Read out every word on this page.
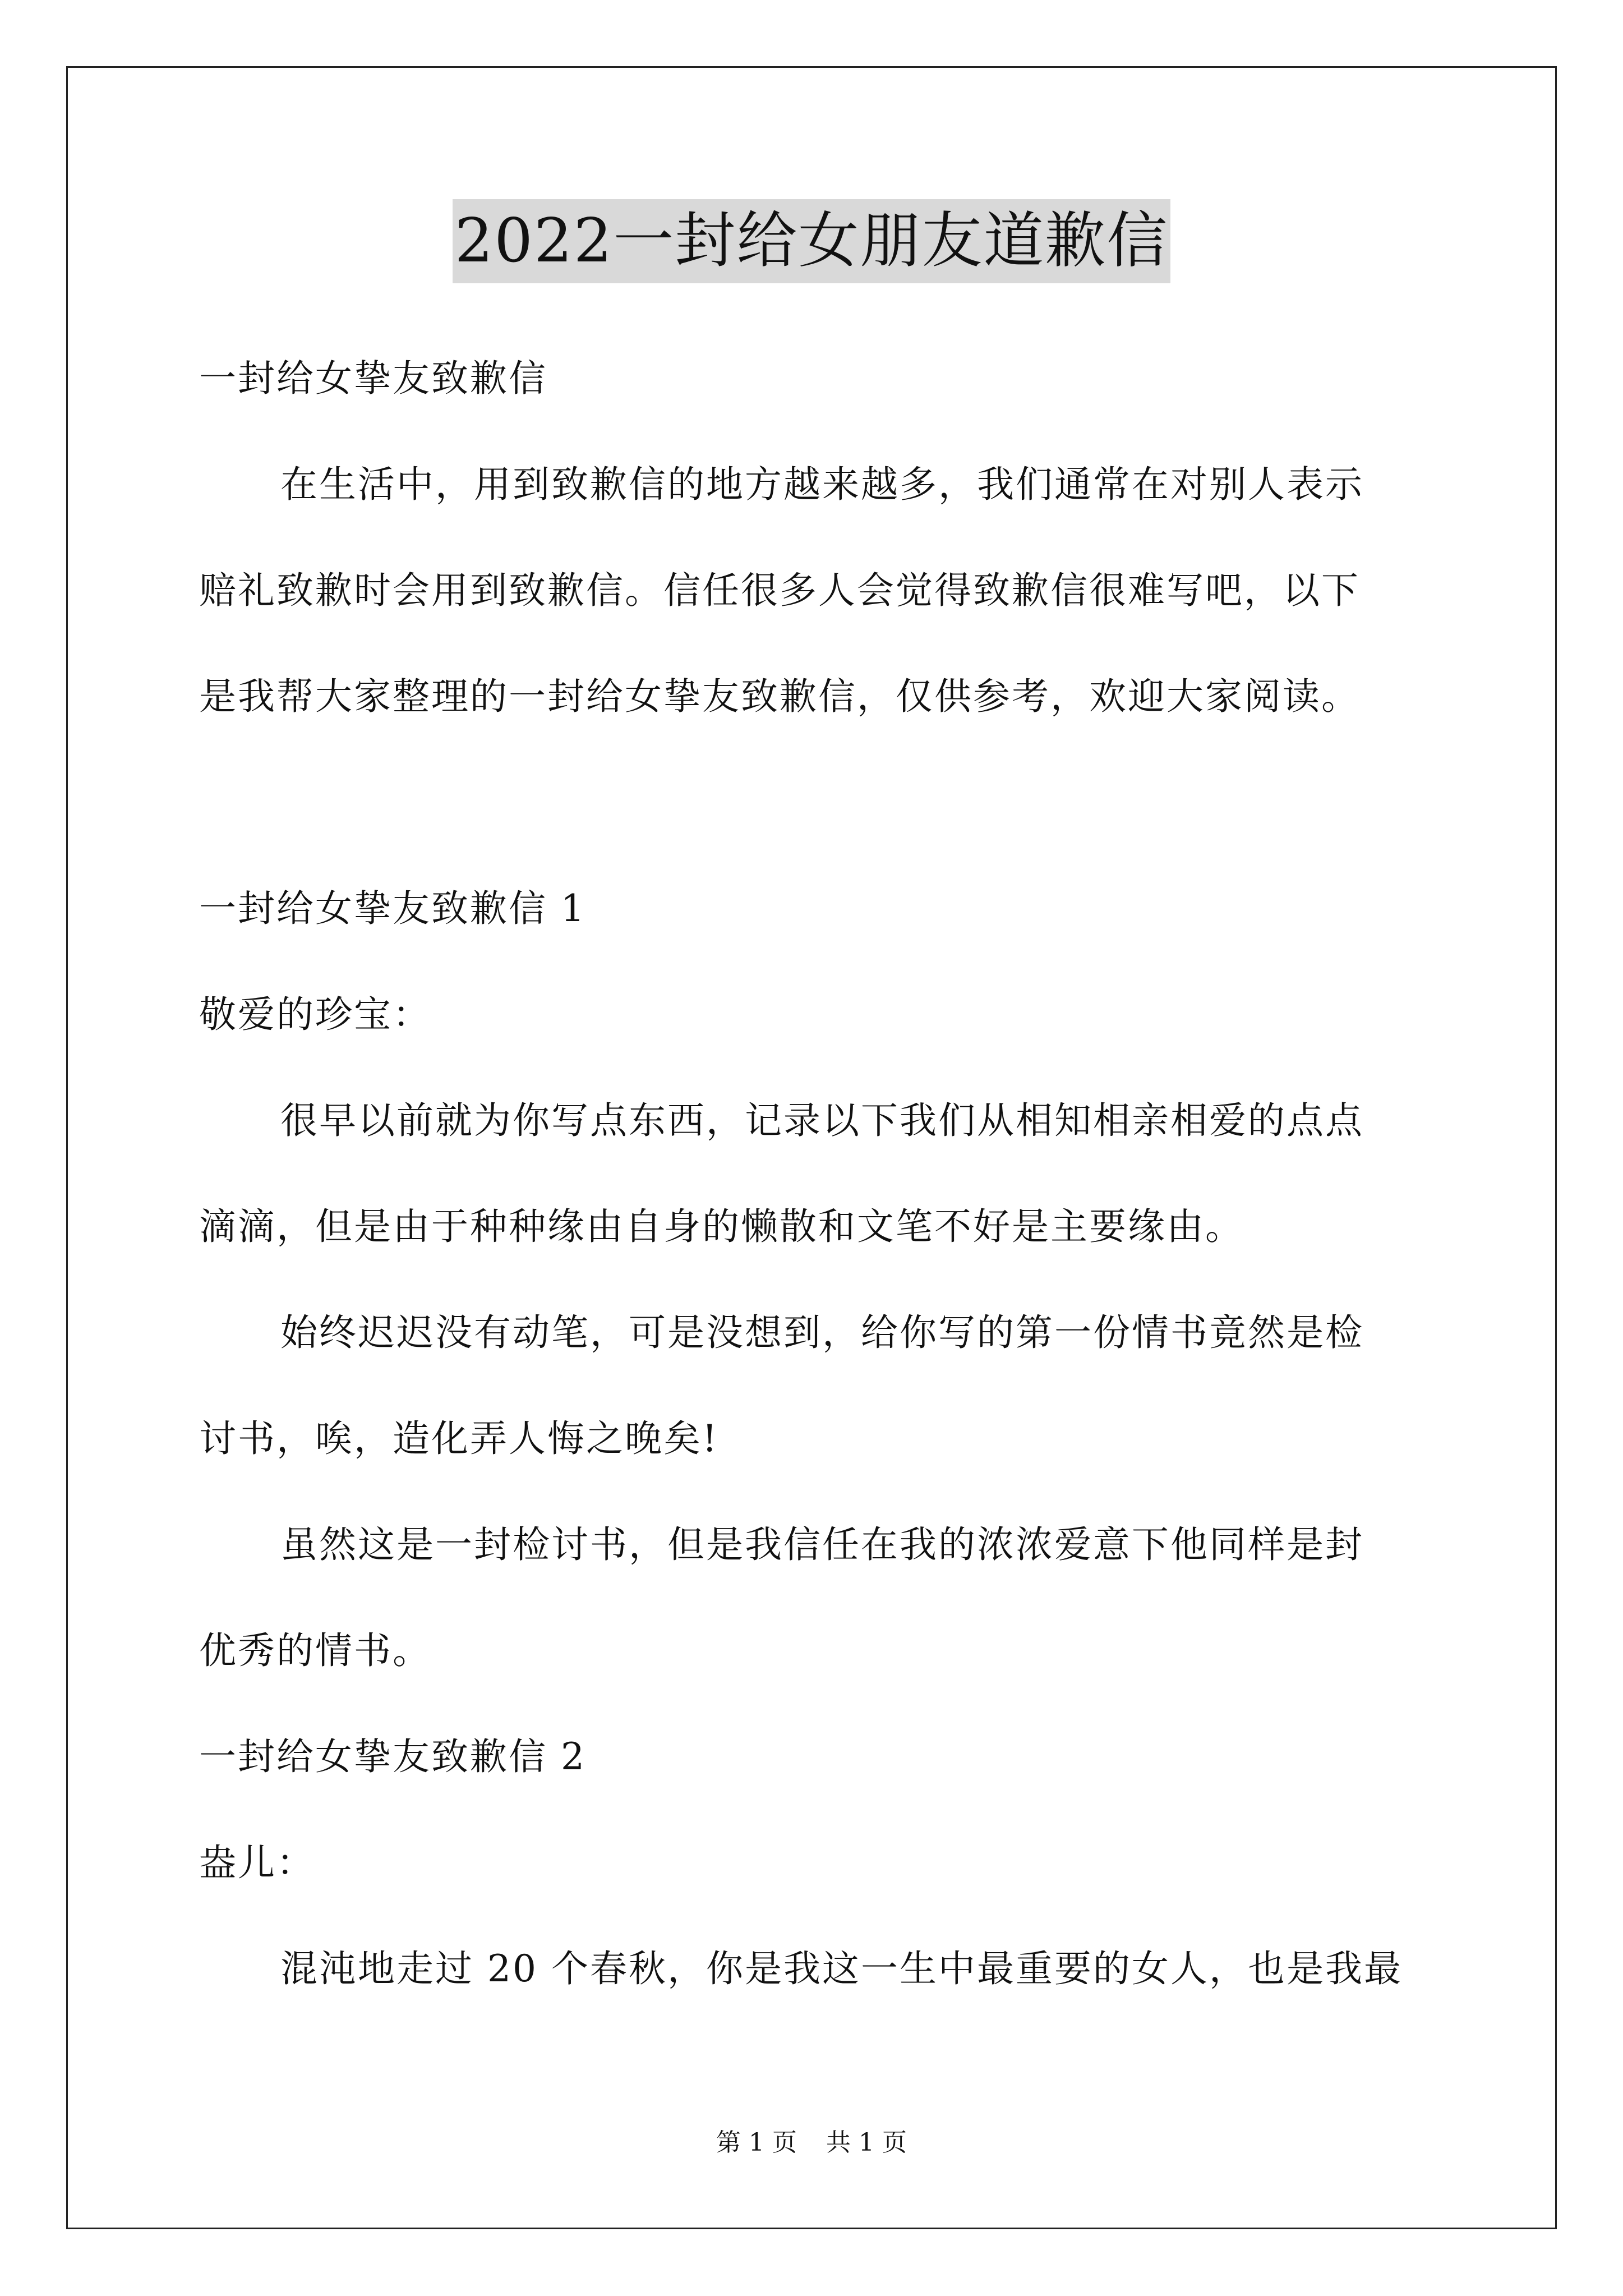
2022一封给女朋友道歉信
一封给女挚友致歉信
在生活中，用到致歉信的地方越来越多，我们通常在对别人表示
赔礼致歉时会用到致歉信。信任很多人会觉得致歉信很难写吧，以下
是我帮大家整理的一封给女挚友致歉信，仅供参考，欢迎大家阅读。
一封给女挚友致歉信 1
敬爱的珍宝：
很早以前就为你写点东西，记录以下我们从相知相亲相爱的点点
滴滴，但是由于种种缘由自身的懒散和文笔不好是主要缘由。
始终迟迟没有动笔，可是没想到，给你写的第一份情书竟然是检
讨书，唉，造化弄人悔之晚矣!
虽然这是一封检讨书，但是我信任在我的浓浓爱意下他同样是封
优秀的情书。
一封给女挚友致歉信 2
盎儿：
混沌地走过 20 个春秋，你是我这一生中最重要的女人，也是我最
第 1 页 共 1 页
